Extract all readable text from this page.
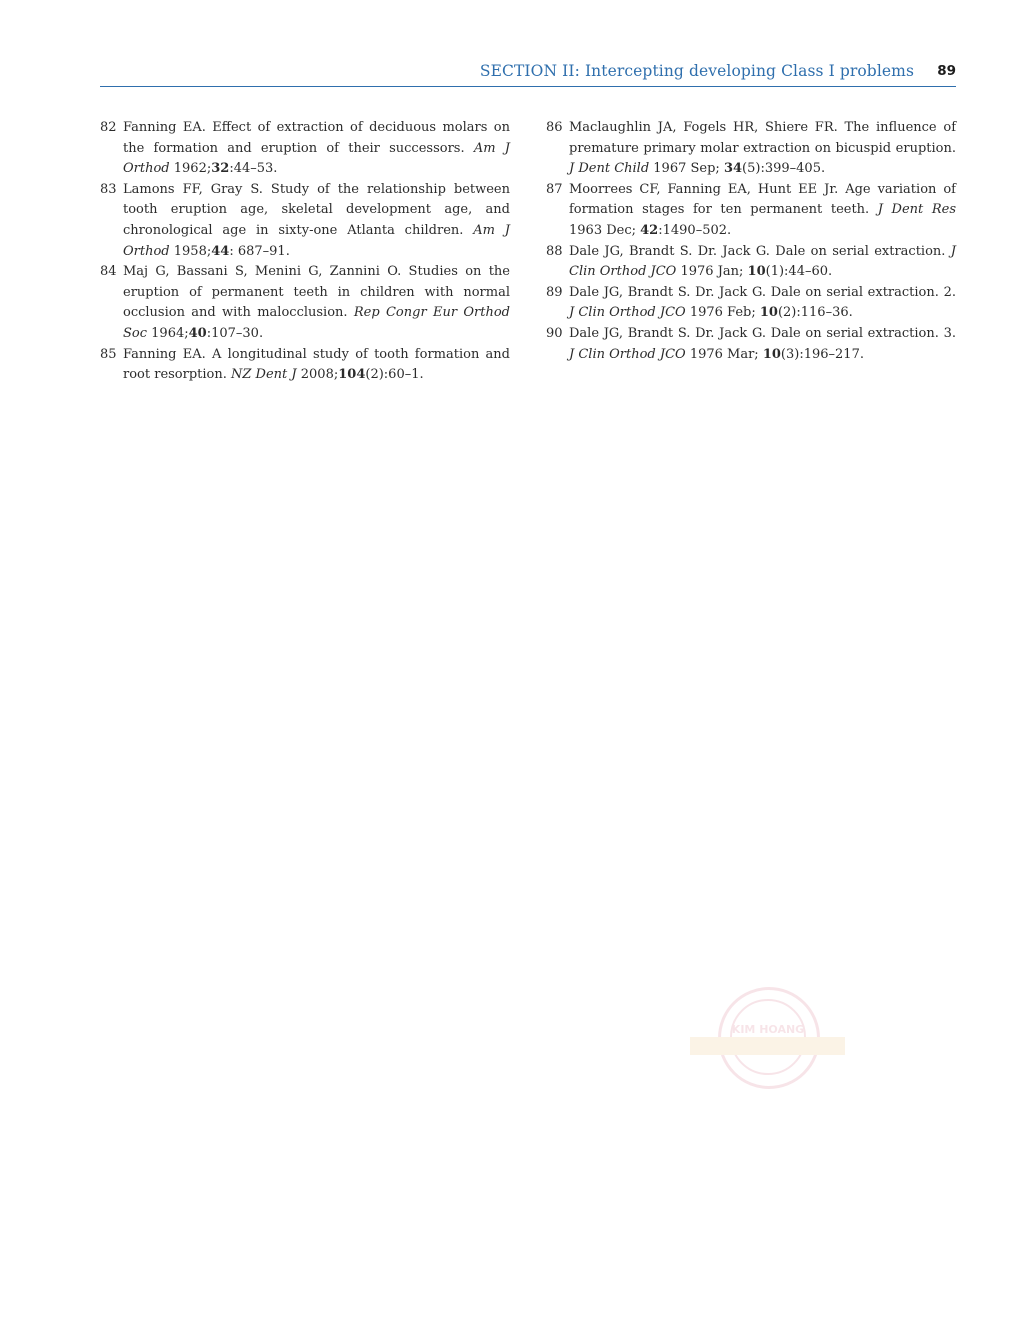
SECTION II: Intercepting developing Class I problems 89
82 Fanning EA. Effect of extraction of deciduous molars on the formation and eruption of their successors. Am J Orthod 1962;32:44–53.
83 Lamons FF, Gray S. Study of the relationship between tooth eruption age, skeletal development age, and chronological age in sixty-one Atlanta children. Am J Orthod 1958;44: 687–91.
84 Maj G, Bassani S, Menini G, Zannini O. Studies on the eruption of permanent teeth in children with normal occlusion and with malocclusion. Rep Congr Eur Orthod Soc 1964;40:107–30.
85 Fanning EA. A longitudinal study of tooth formation and root resorption. NZ Dent J 2008;104(2):60–1.
86 Maclaughlin JA, Fogels HR, Shiere FR. The influence of premature primary molar extraction on bicuspid eruption. J Dent Child 1967 Sep; 34(5):399–405.
87 Moorrees CF, Fanning EA, Hunt EE Jr. Age variation of formation stages for ten permanent teeth. J Dent Res 1963 Dec; 42:1490–502.
88 Dale JG, Brandt S. Dr. Jack G. Dale on serial extraction. J Clin Orthod JCO 1976 Jan; 10(1):44–60.
89 Dale JG, Brandt S. Dr. Jack G. Dale on serial extraction. 2. J Clin Orthod JCO 1976 Feb; 10(2):116–36.
90 Dale JG, Brandt S. Dr. Jack G. Dale on serial extraction. 3. J Clin Orthod JCO 1976 Mar; 10(3):196–217.
KIM HOANG
